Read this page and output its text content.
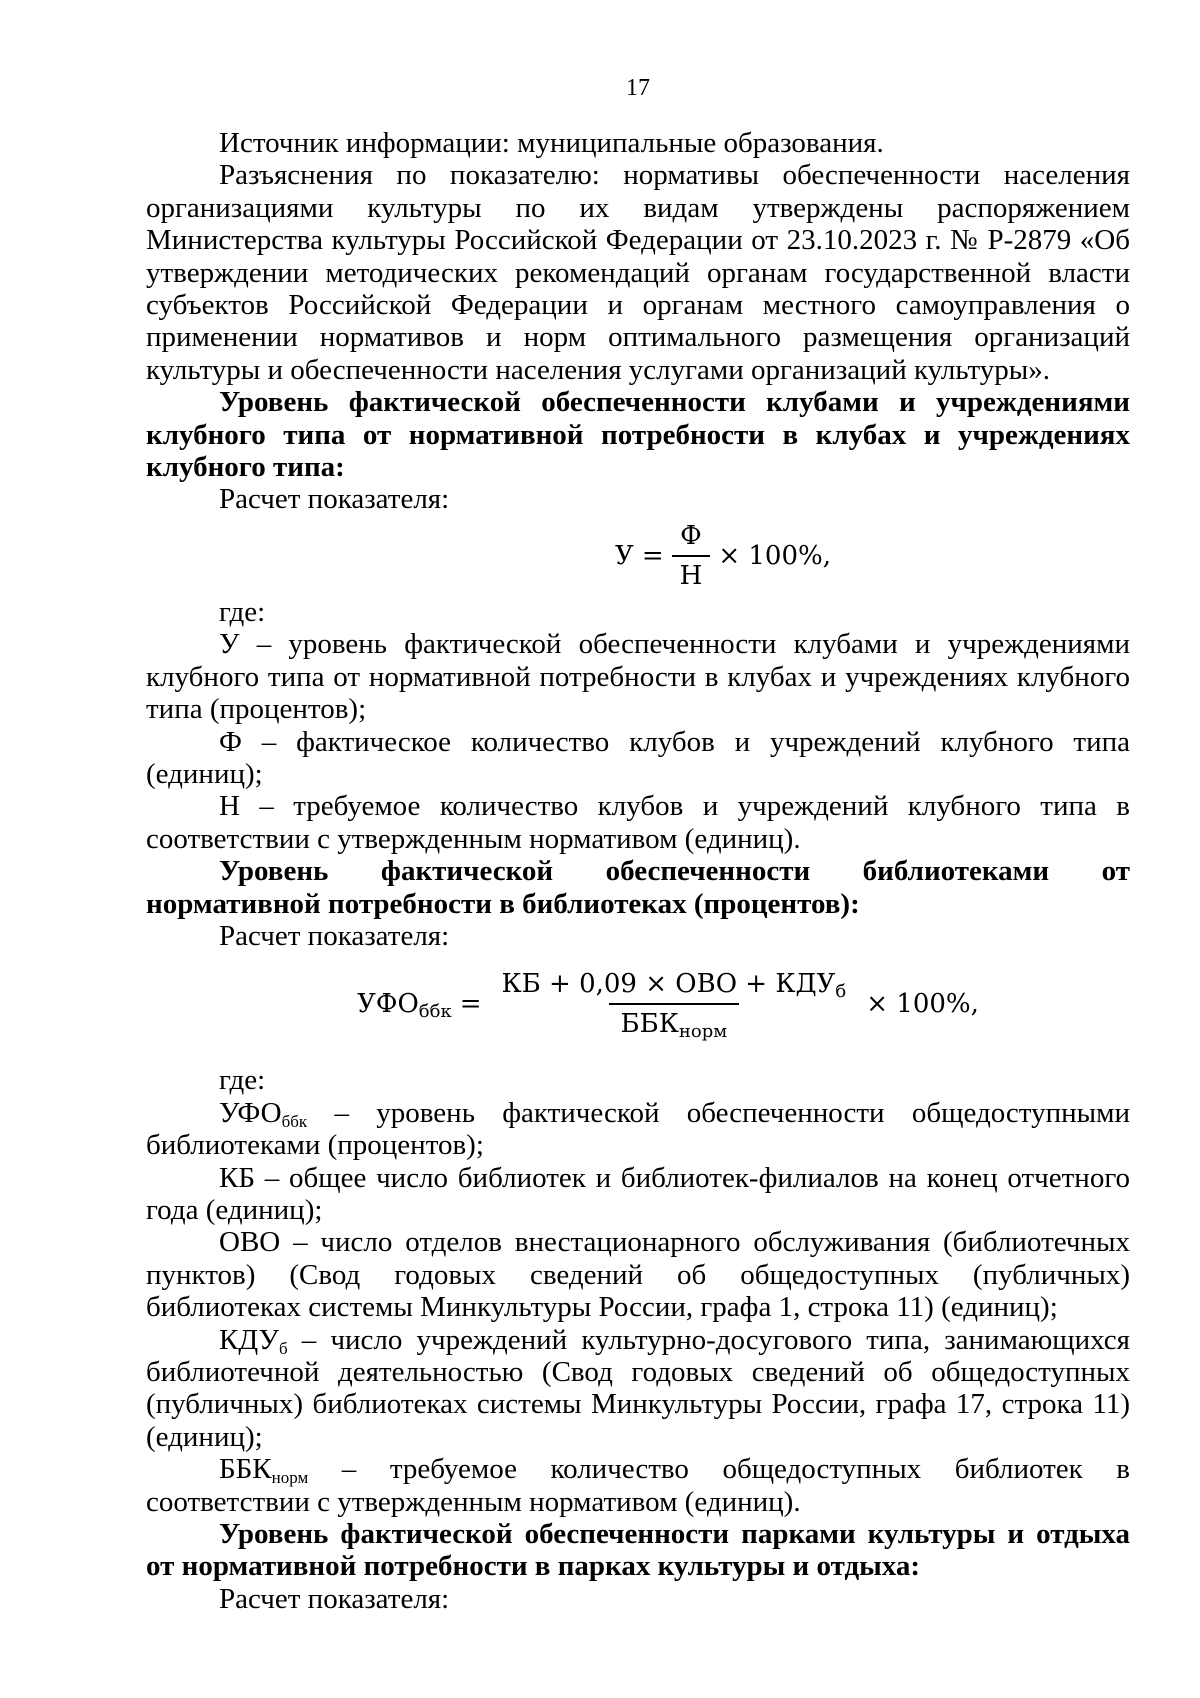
17

Источник информации: муниципальные образования.

Разъяснения по показателю: нормативы обеспеченности населения организациями культуры по их видам утверждены распоряжением Министерства культуры Российской Федерации от 23.10.2023 г. № Р-2879 «Об утверждении методических рекомендаций органам государственной власти субъектов Российской Федерации и органам местного самоуправления о применении нормативов и норм оптимального размещения организаций культуры и обеспеченности населения услугами организаций культуры».

Уровень фактической обеспеченности клубами и учреждениями клубного типа от нормативной потребности в клубах и учреждениях клубного типа:

Расчет показателя:

$У = \frac{Ф}{Н} \times 100\%$,

где:

У – уровень фактической обеспеченности клубами и учреждениями клубного типа от нормативной потребности в клубах и учреждениях клубного типа (процентов);

Ф – фактическое количество клубов и учреждений клубного типа (единиц);

Н – требуемое количество клубов и учреждений клубного типа в соответствии с утвержденным нормативом (единиц).

Уровень фактической обеспеченности библиотеками от нормативной потребности в библиотеках (процентов):

Расчет показателя:

$УФО_{ббк} = \frac{КБ + 0,09 \times ОВО + КДУ_б}{ББК_{норм}} \times 100\%$,

где:

$УФО_{ббк}$ – уровень фактической обеспеченности общедоступными библиотеками (процентов);

КБ – общее число библиотек и библиотек-филиалов на конец отчетного года (единиц);

ОВО – число отделов внестационарного обслуживания (библиотечных пунктов) (Свод годовых сведений об общедоступных (публичных) библиотеках системы Минкультуры России, графа 1, строка 11) (единиц);

$КДУ_б$ – число учреждений культурно-досугового типа, занимающихся библиотечной деятельностью (Свод годовых сведений об общедоступных (публичных) библиотеках системы Минкультуры России, графа 17, строка 11) (единиц);

$ББК_{норм}$ – требуемое количество общедоступных библиотек в соответствии с утвержденным нормативом (единиц).

Уровень фактической обеспеченности парками культуры и отдыха от нормативной потребности в парках культуры и отдыха:

Расчет показателя:
